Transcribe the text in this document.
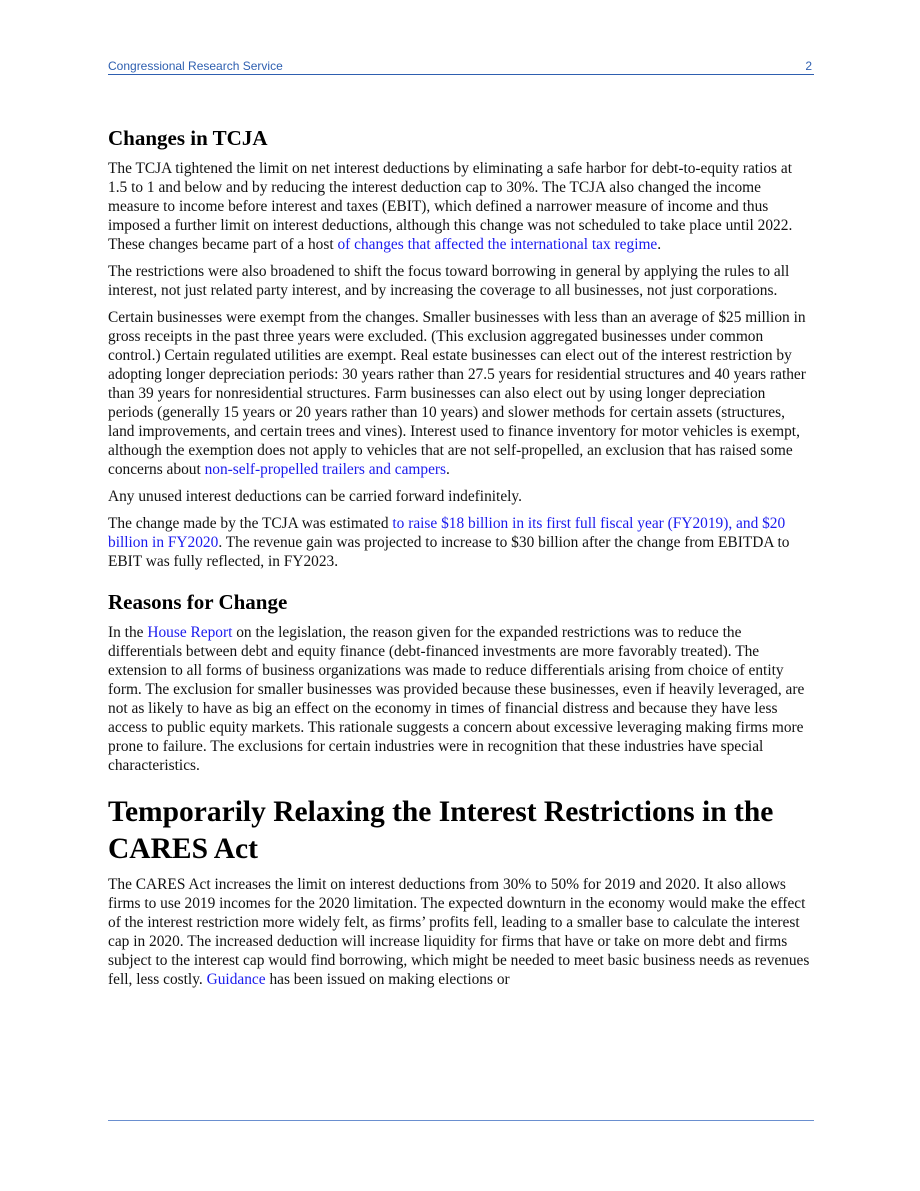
Congressional Research Service	2
Changes in TCJA

The TCJA tightened the limit on net interest deductions by eliminating a safe harbor for debt-to-equity ratios at 1.5 to 1 and below and by reducing the interest deduction cap to 30%. The TCJA also changed the income measure to income before interest and taxes (EBIT), which defined a narrower measure of income and thus imposed a further limit on interest deductions, although this change was not scheduled to take place until 2022. These changes became part of a host of changes that affected the international tax regime.

The restrictions were also broadened to shift the focus toward borrowing in general by applying the rules to all interest, not just related party interest, and by increasing the coverage to all businesses, not just corporations.

Certain businesses were exempt from the changes. Smaller businesses with less than an average of $25 million in gross receipts in the past three years were excluded. (This exclusion aggregated businesses under common control.) Certain regulated utilities are exempt. Real estate businesses can elect out of the interest restriction by adopting longer depreciation periods: 30 years rather than 27.5 years for residential structures and 40 years rather than 39 years for nonresidential structures. Farm businesses can also elect out by using longer depreciation periods (generally 15 years or 20 years rather than 10 years) and slower methods for certain assets (structures, land improvements, and certain trees and vines). Interest used to finance inventory for motor vehicles is exempt, although the exemption does not apply to vehicles that are not self-propelled, an exclusion that has raised some concerns about non-self-propelled trailers and campers.

Any unused interest deductions can be carried forward indefinitely.

The change made by the TCJA was estimated to raise $18 billion in its first full fiscal year (FY2019), and $20 billion in FY2020. The revenue gain was projected to increase to $30 billion after the change from EBITDA to EBIT was fully reflected, in FY2023.

Reasons for Change

In the House Report on the legislation, the reason given for the expanded restrictions was to reduce the differentials between debt and equity finance (debt-financed investments are more favorably treated). The extension to all forms of business organizations was made to reduce differentials arising from choice of entity form. The exclusion for smaller businesses was provided because these businesses, even if heavily leveraged, are not as likely to have as big an effect on the economy in times of financial distress and because they have less access to public equity markets. This rationale suggests a concern about excessive leveraging making firms more prone to failure. The exclusions for certain industries were in recognition that these industries have special characteristics.

Temporarily Relaxing the Interest Restrictions in the CARES Act

The CARES Act increases the limit on interest deductions from 30% to 50% for 2019 and 2020. It also allows firms to use 2019 incomes for the 2020 limitation. The expected downturn in the economy would make the effect of the interest restriction more widely felt, as firms’ profits fell, leading to a smaller base to calculate the interest cap in 2020. The increased deduction will increase liquidity for firms that have or take on more debt and firms subject to the interest cap would find borrowing, which might be needed to meet basic business needs as revenues fell, less costly. Guidance has been issued on making elections or
